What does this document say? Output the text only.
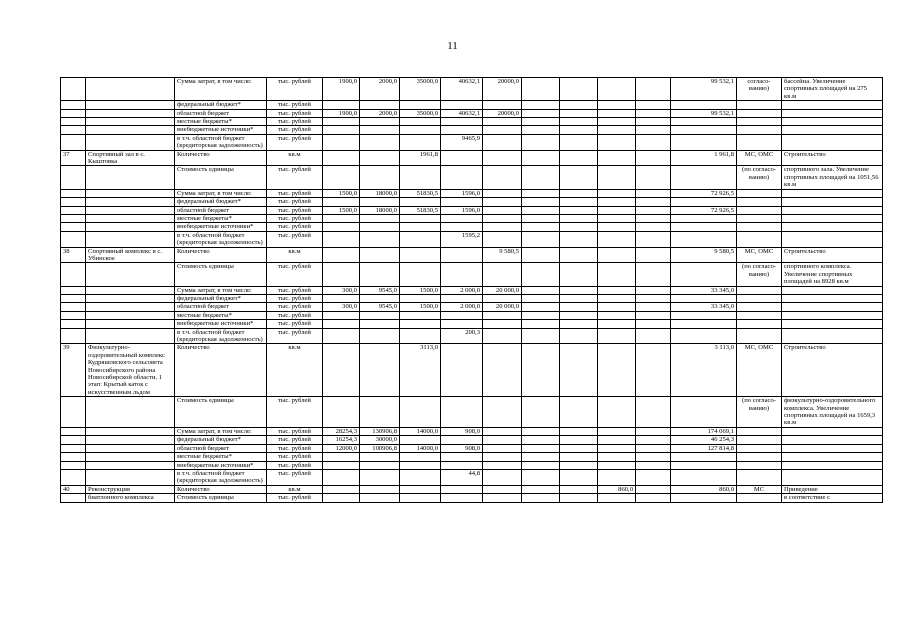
11
		Сумма затрат, в том числе:	тыс. рублей	1900,0	2000,0	35000,0	40632,1	20000,0					99 532,1	согласо-ванию)	бассейна. Увеличение спортивных площадей на 275 кв.м
		федеральный бюджет*	тыс. рублей												
		областной бюджет	тыс. рублей	1900,0	2000,0	35000,0	40632,1	20000,0					99 532,1		
		местные бюджеты*	тыс. рублей												
		внебюджетные источники*	тыс. рублей												
		в т.ч. областной бюджет (кредиторская задолженность)	тыс. рублей				9465,9								
37	Спортивный зал в с. Кыштовка	Количество	кв.м			1961,8							1 961,8	МС, ОМС	Строительство
		Стоимость единицы	тыс. рублей											(по согласо-ванию)	спортивного зала. Увеличение спортивных площадей на 1051,56 кв.м
		Сумма затрат, в том числе:	тыс. рублей	1500,0	18000,0	51830,5	1596,0						72 926,5		
		федеральный бюджет*	тыс. рублей												
		областной бюджет	тыс. рублей	1500,0	18000,0	51830,5	1596,0						72 926,5		
		местные бюджеты*	тыс. рублей												
		внебюджетные источники*	тыс. рублей												
		в т.ч. областной бюджет (кредиторская задолженность)	тыс. рублей				1595,2								
38	Спортивный комплекс в с. Убинское	Количество	кв.м					9 580,5					9 580,5	МС, ОМС	Строительство
		Стоимость единицы	тыс. рублей											(по согласо-ванию)	спортивного комплекса. Увеличение спортивных площадей на 8928 кв.м
		Сумма затрат, в том числе:	тыс. рублей	300,0	9545,0	1500,0	2 000,0	20 000,0					33 345,0		
		федеральный бюджет*	тыс. рублей												
		областной бюджет	тыс. рублей	300,0	9545,0	1500,0	2 000,0	20 000,0					33 345,0		
		местные бюджеты*	тыс. рублей												
		внебюджетные источники*	тыс. рублей												
		в т.ч. областной бюджет (кредиторская задолженность)	тыс. рублей				200,3								
39	Физкультурно-оздоровительный комплекс Кудряшовского сельсовета Новосибирского района Новосибирской области. 1 этап: Крытый каток с искусственным льдом	Количество	кв.м			3113,0							3 113,0	МС, ОМС	Строительство
		Стоимость единицы	тыс. рублей											(по согласо-ванию)	физкультурно-оздоровительного комплекса. Увеличение спортивных площадей на 1659,3 кв.м
		Сумма затрат, в том числе:	тыс. рублей	28254,3	130906,8	14000,0	908,0						174 069,1		
		федеральный бюджет*	тыс. рублей	16254,3	30000,0								46 254,3		
		областной бюджет	тыс. рублей	12000,0	100906,8	14000,0	908,0						127 814,8		
		местные бюджеты*	тыс. рублей												
		внебюджетные источники*	тыс. рублей												
		в т.ч. областной бюджет (кредиторская задолженность)	тыс. рублей				44,8								
40	Реконструкция	Количество	кв.м								860,0		860,0	МС	Приведение
	биатлонного комплекса	Стоимость единицы	тыс. рублей												в соответствие с
